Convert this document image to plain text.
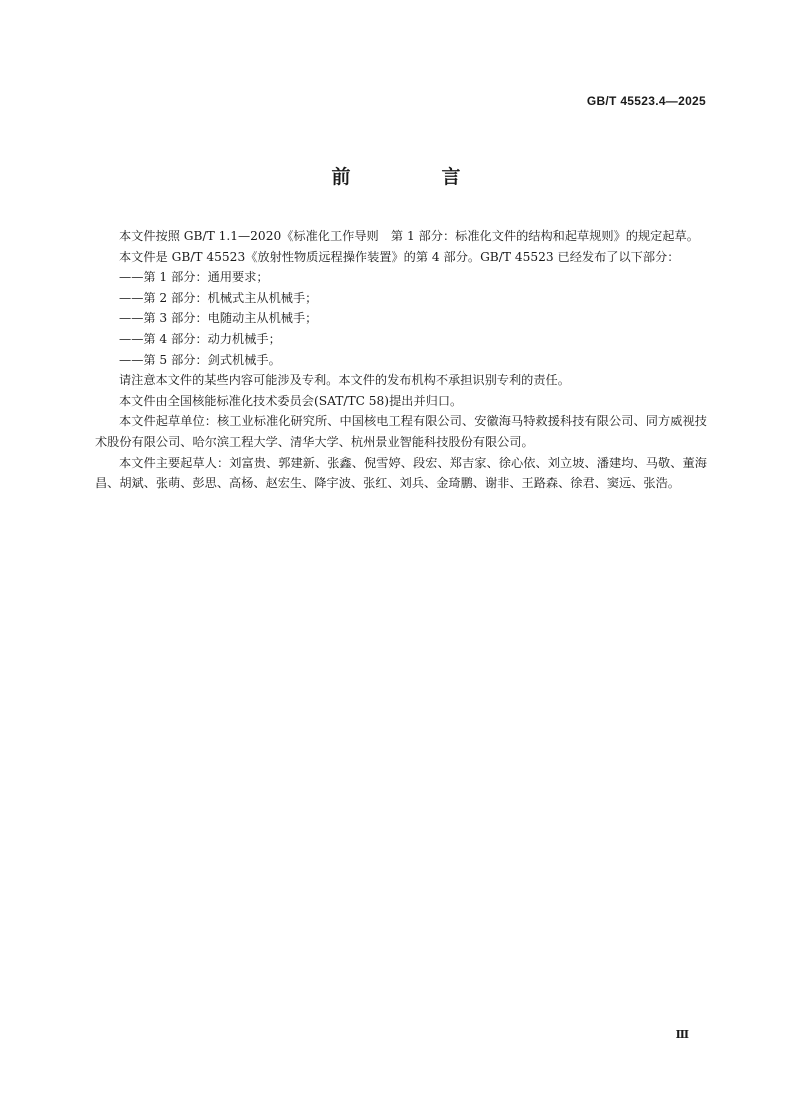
GB/T 45523.4—2025
前　言

本文件按照 GB/T 1.1—2020《标准化工作导则　第 1 部分：标准化文件的结构和起草规则》的规定起草。

本文件是 GB/T 45523《放射性物质远程操作装置》的第 4 部分。GB/T 45523 已经发布了以下部分：

——第 1 部分：通用要求；

——第 2 部分：机械式主从机械手；

——第 3 部分：电随动主从机械手；

——第 4 部分：动力机械手；

——第 5 部分：剑式机械手。

请注意本文件的某些内容可能涉及专利。本文件的发布机构不承担识别专利的责任。

本文件由全国核能标准化技术委员会(SAT/TC 58)提出并归口。

本文件起草单位：核工业标准化研究所、中国核电工程有限公司、安徽海马特救援科技有限公司、同方威视技术股份有限公司、哈尔滨工程大学、清华大学、杭州景业智能科技股份有限公司。

本文件主要起草人：刘富贵、郭建新、张鑫、倪雪婷、段宏、郑吉家、徐心依、刘立坡、潘建均、马敬、董海昌、胡斌、张萌、彭思、高杨、赵宏生、降宇波、张红、刘兵、金琦鹏、谢非、王路森、徐君、窦远、张浩。

Ⅲ
